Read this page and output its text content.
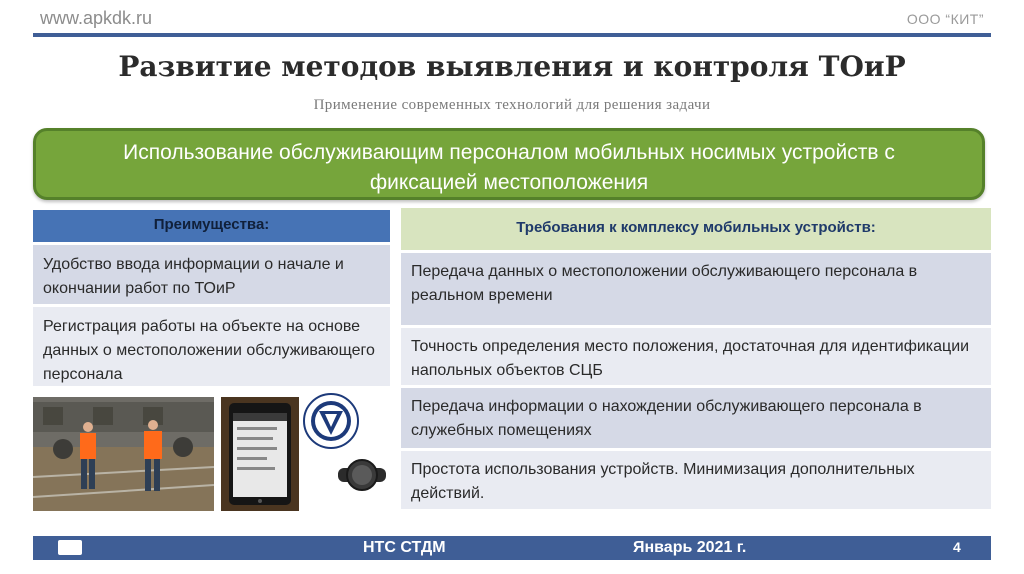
www.apkdk.ru	ООО “КИТ”
Развитие методов выявления и контроля ТОиР
Применение современных технологий для решения задачи
Использование обслуживающим персоналом мобильных носимых устройств с фиксацией местоположения
Преимущества:
Удобство ввода информации о начале и окончании работ по ТОиР
Регистрация работы на объекте на основе данных о местоположении обслуживающего персонала
Требования к комплексу мобильных устройств:
Передача данных о местоположении обслуживающего персонала в реальном времени
Точность определения место положения, достаточная для идентификации напольных объектов СЦБ
Передача информации о нахождении обслуживающего персонала в служебных помещениях
Простота использования устройств. Минимизация дополнительных действий.
НТС СТДМ	Январь 2021 г.	4
